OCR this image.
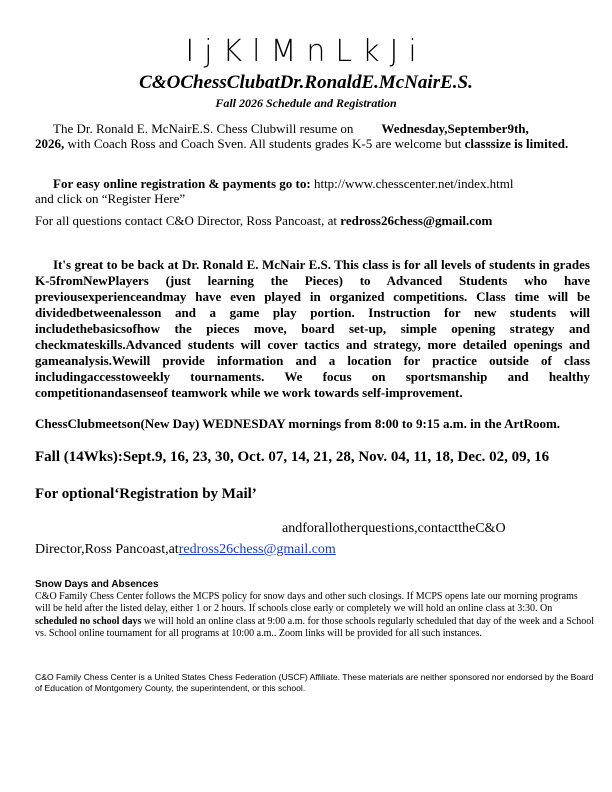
IjKlMnLkJi
C&OChessClubatDr.RonaldE.McNairE.S.
Fall 2026 Schedule and Registration
The Dr. Ronald E. McNairE.S. Chess Clubwill resume on Wednesday,September9th,
2026, with Coach Ross and Coach Sven. All students grades K-5 are welcome but classsize is limited.
For easy online registration & payments go to: http://www.chesscenter.net/index.html
and click on “Register Here”
For all questions contact C&O Director, Ross Pancoast, at redross26chess@gmail.com
It's great to be back at Dr. Ronald E. McNair E.S. This class is for all levels of students in grades K-5fromNewPlayers (just learning the Pieces) to Advanced Students who have previousexperienceandmay have even played in organized competitions. Class time will be dividedbetweenalesson and a game play portion. Instruction for new students will includethebasicsofhow the pieces move, board set-up, simple opening strategy and checkmateskills.Advanced students will cover tactics and strategy, more detailed openings and gameanalysis.Wewill provide information and a location for practice outside of class includingaccesstoweekly tournaments. We focus on sportsmanship and healthy competitionandasenseof teamwork while we work towards self-improvement.
ChessClubmeetson(New Day) WEDNESDAY mornings from 8:00 to 9:15 a.m. in the ArtRoom.
Fall (14Wks):Sept.9, 16, 23, 30, Oct. 07, 14, 21, 28, Nov. 04, 11, 18, Dec. 02, 09, 16
For optional‘Registration by Mail’
andforallotherquestions,contacttheC&O
Director,Ross Pancoast,atredross26chess@gmail.com
Snow Days and Absences
C&O Family Chess Center follows the MCPS policy for snow days and other such closings. If MCPS opens late our morning programs will be held after the listed delay, either 1 or 2 hours. If schools close early or completely we will hold an online class at 3:30. On scheduled no school days we will hold an online class at 9:00 a.m. for those schools regularly scheduled that day of the week and a School vs. School online tournament for all programs at 10:00 a.m.. Zoom links will be provided for all such instances.
C&O Family Chess Center is a United States Chess Federation (USCF) Affiliate. These materials are neither sponsored nor endorsed by the Board of Education of Montgomery County, the superintendent, or this school.
